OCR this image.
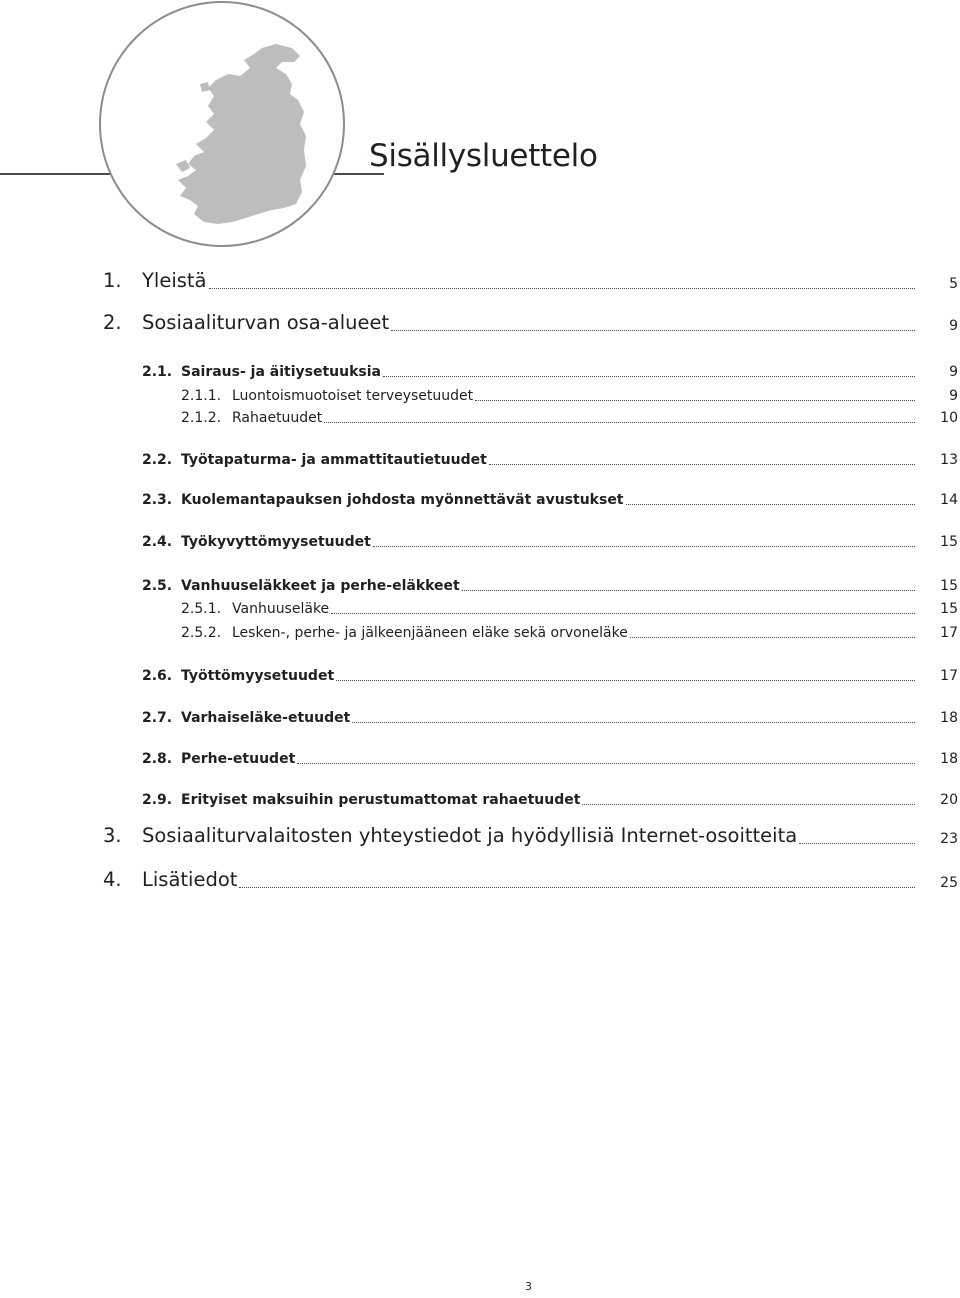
Sisällysluettelo
1. Yleistä	5
2. Sosiaaliturvan osa-alueet	9
2.1. Sairaus- ja äitiysetuuksia	9
2.1.1. Luontoismuotoiset terveysetuudet	9
2.1.2. Rahaetuudet	10
2.2. Työtapaturma- ja ammattitautietuudet	13
2.3. Kuolemantapauksen johdosta myönnettävät avustukset	14
2.4. Työkyvyttömyysetuudet	15
2.5. Vanhuuseläkkeet ja perhe-eläkkeet	15
2.5.1. Vanhuuseläke	15
2.5.2. Lesken-, perhe- ja jälkeenjääneen eläke sekä orvoneläke	17
2.6. Työttömyysetuudet	17
2.7. Varhaiseläke-etuudet	18
2.8. Perhe-etuudet	18
2.9. Erityiset maksuihin perustumattomat rahaetuudet	20
3. Sosiaaliturvalaitosten yhteystiedot ja hyödyllisiä Internet-osoitteita	23
4. Lisätiedot	25
3
